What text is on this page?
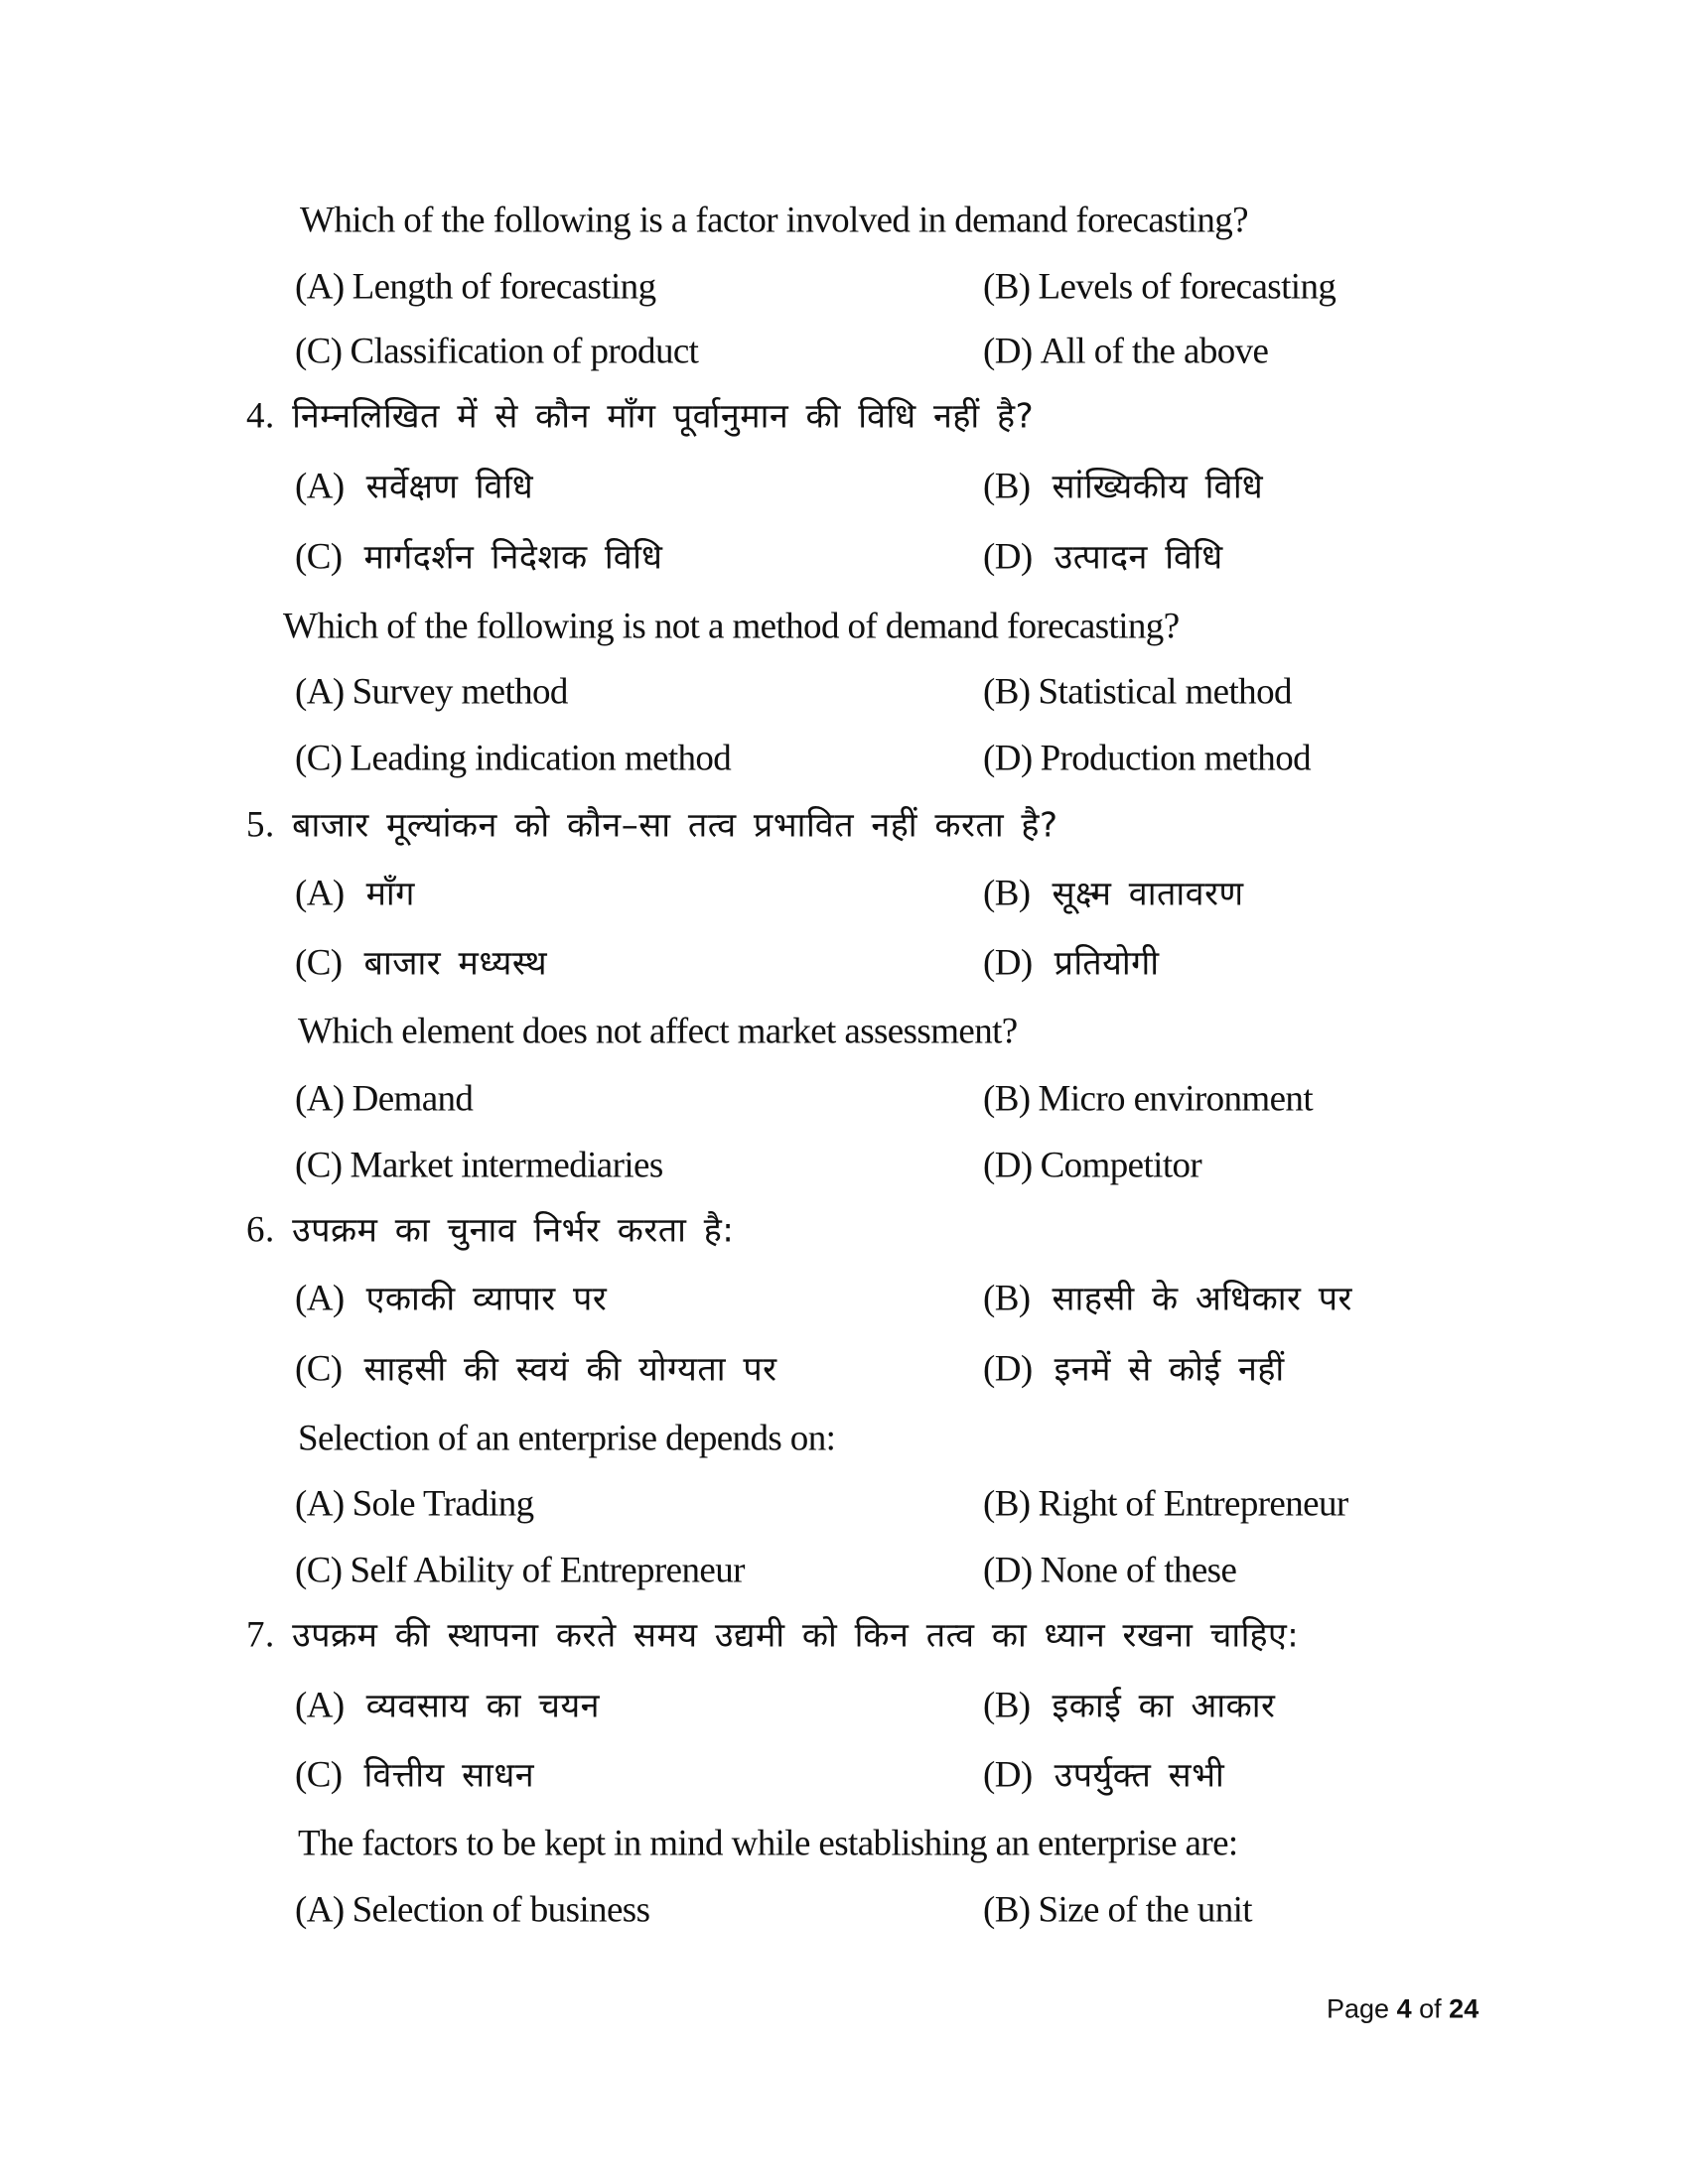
Which of the following is a factor involved in demand forecasting?
(A) Length of forecasting	(B) Levels of forecasting
(C) Classification of product	(D) All of the above
4. निम्नलिखित में से कौन माँग पूर्वानुमान की विधि नहीं है?
(A) सर्वेक्षण विधि	(B) सांख्यिकीय विधि
(C) मार्गदर्शन निदेशक विधि	(D) उत्पादन विधि
Which of the following is not a method of demand forecasting?
(A) Survey method	(B) Statistical method
(C) Leading indication method	(D) Production method
5. बाजार मूल्यांकन को कौन–सा तत्व प्रभावित नहीं करता है?
(A) माँग	(B) सूक्ष्म वातावरण
(C) बाजार मध्यस्थ	(D) प्रतियोगी
Which element does not affect market assessment?
(A) Demand	(B) Micro environment
(C) Market intermediaries	(D) Competitor
6. उपक्रम का चुनाव निर्भर करता है:
(A) एकाकी व्यापार पर	(B) साहसी के अधिकार पर
(C) साहसी की स्वयं की योग्यता पर	(D) इनमें से कोई नहीं
Selection of an enterprise depends on:
(A) Sole Trading	(B) Right of Entrepreneur
(C) Self Ability of Entrepreneur	(D) None of these
7. उपक्रम की स्थापना करते समय उद्यमी को किन तत्व का ध्यान रखना चाहिए:
(A) व्यवसाय का चयन	(B) इकाई का आकार
(C) वित्तीय साधन	(D) उपर्युक्त सभी
The factors to be kept in mind while establishing an enterprise are:
(A) Selection of business	(B) Size of the unit
Page 4 of 24
